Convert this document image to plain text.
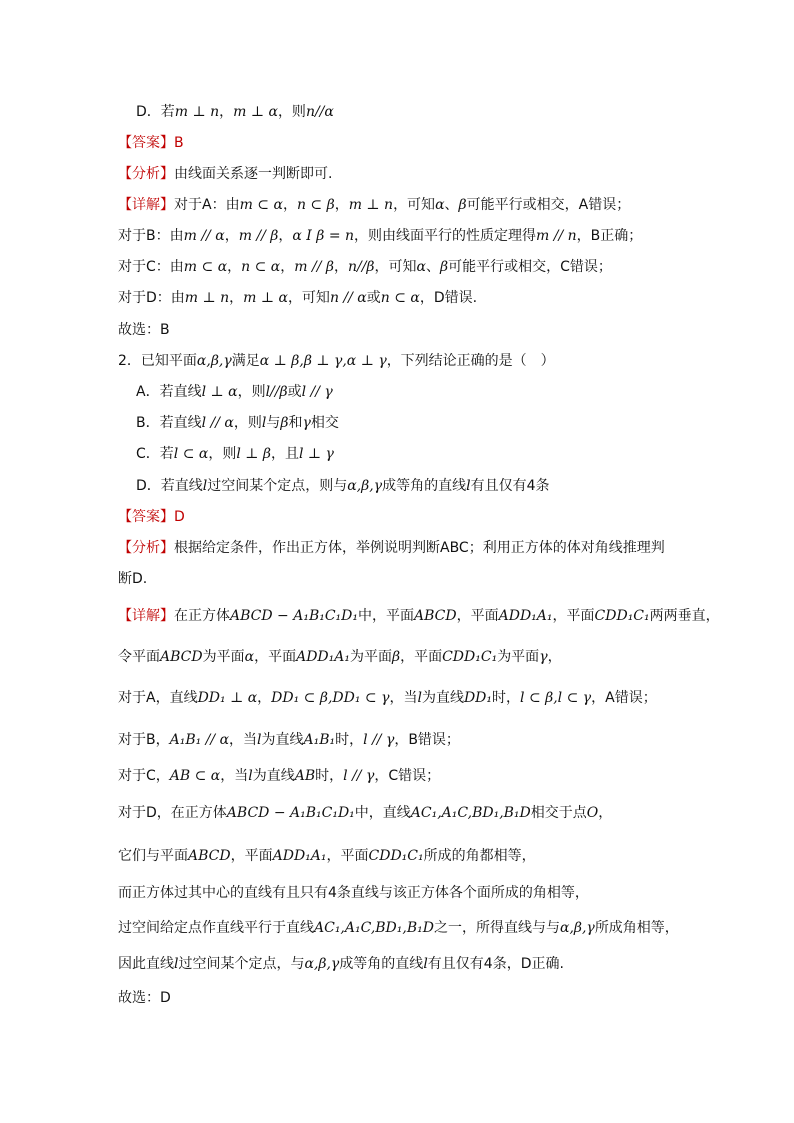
D．若m ⊥ n，m ⊥ α，则n//α
【答案】B
【分析】由线面关系逐一判断即可.
【详解】对于A：由m ⊂ α，n ⊂ β，m ⊥ n，可知α、β可能平行或相交，A错误；
对于B：由m // α，m // β，α I β = n，则由线面平行的性质定理得m // n，B正确；
对于C：由m ⊂ α，n ⊂ α，m // β，n//β，可知α、β可能平行或相交，C错误；
对于D：由m ⊥ n，m ⊥ α，可知n // α或n ⊂ α，D错误.
故选：B
2．已知平面α,β,γ满足α ⊥ β,β ⊥ γ,α ⊥ γ，下列结论正确的是（　）
A．若直线l ⊥ α，则l//β或l // γ
B．若直线l // α，则l与β和γ相交
C．若l ⊂ α，则l ⊥ β，且l ⊥ γ
D．若直线l过空间某个定点，则与α,β,γ成等角的直线l有且仅有4条
【答案】D
【分析】根据给定条件，作出正方体，举例说明判断ABC；利用正方体的体对角线推理判
断D.
【详解】在正方体ABCD − A₁B₁C₁D₁中，平面ABCD，平面ADD₁A₁，平面CDD₁C₁两两垂直，
令平面ABCD为平面α，平面ADD₁A₁为平面β，平面CDD₁C₁为平面γ，
对于A，直线DD₁ ⊥ α，DD₁ ⊂ β,DD₁ ⊂ γ，当l为直线DD₁时，l ⊂ β,l ⊂ γ，A错误；
对于B，A₁B₁ // α，当l为直线A₁B₁时，l // γ，B错误；
对于C，AB ⊂ α，当l为直线AB时，l // γ，C错误；
对于D，在正方体ABCD − A₁B₁C₁D₁中，直线AC₁,A₁C,BD₁,B₁D相交于点O，
它们与平面ABCD，平面ADD₁A₁，平面CDD₁C₁所成的角都相等，
而正方体过其中心的直线有且只有4条直线与该正方体各个面所成的角相等，
过空间给定点作直线平行于直线AC₁,A₁C,BD₁,B₁D之一，所得直线与与α,β,γ所成角相等，
因此直线l过空间某个定点，与α,β,γ成等角的直线l有且仅有4条，D正确.
故选：D
